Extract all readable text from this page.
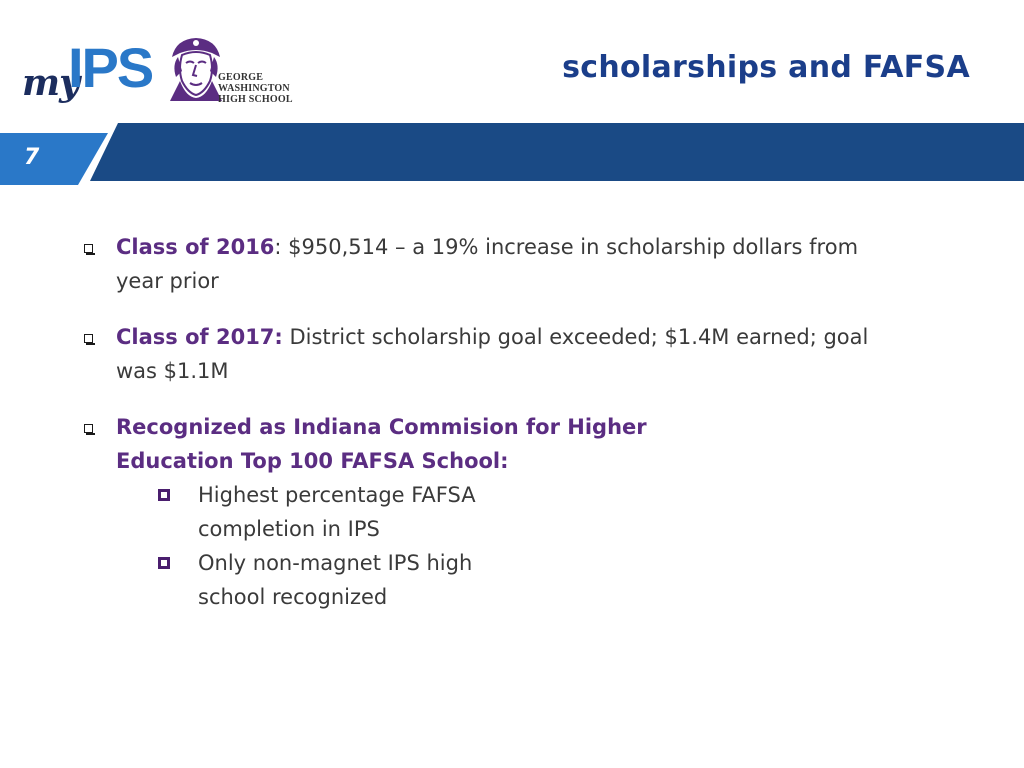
my
IPS	GEORGE
WASHINGTON
HIGH SCHOOL
scholarships and FAFSA
7
Class of 2016: $950,514 – a 19% increase in scholarship dollars from year prior
Class of 2017: District scholarship goal exceeded; $1.4M earned; goal was $1.1M
Recognized as Indiana Commision for Higher Education Top 100 FAFSA School:
Highest percentage FAFSA completion in IPS
Only non-magnet IPS high school recognized
